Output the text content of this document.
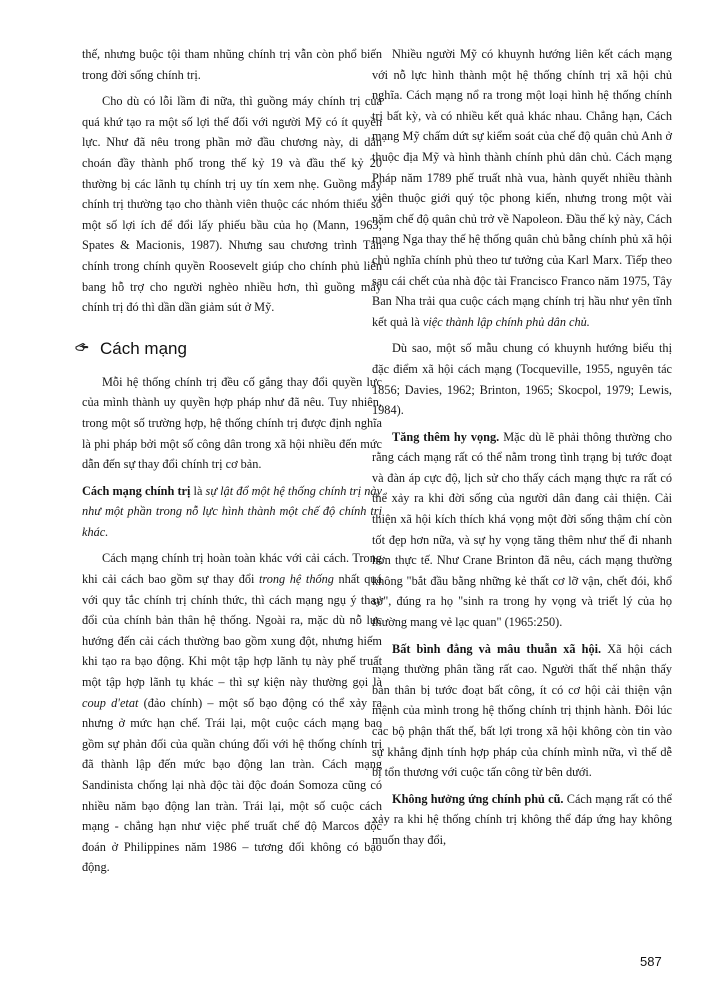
thế, nhưng buộc tội tham nhũng chính trị vẫn còn phổ biến trong đời sống chính trị.

Cho dù có lỗi lầm đi nữa, thì guồng máy chính trị của quá khứ tạo ra một số lợi thế đối với người Mỹ có ít quyền lực. Như đã nêu trong phần mở đầu chương này, di dân choán đầy thành phố trong thế kỷ 19 và đầu thế kỷ 20 thường bị các lãnh tụ chính trị uy tín xem nhẹ. Guồng máy chính trị thường tạo cho thành viên thuộc các nhóm thiểu số một số lợi ích để đổi lấy phiếu bầu của họ (Mann, 1963; Spates & Macionis, 1987). Nhưng sau chương trình Tân chính trong chính quyền Roosevelt giúp cho chính phủ liên bang hỗ trợ cho người nghèo nhiều hơn, thì guồng máy chính trị đó thì dần dần giảm sút ở Mỹ.

Cách mạng

Mỗi hệ thống chính trị đều cố gắng thay đổi quyền lực của mình thành uy quyền hợp pháp như đã nêu. Tuy nhiên, trong một số trường hợp, hệ thống chính trị được định nghĩa là phi pháp bởi một số công dân trong xã hội nhiều đến mức dẫn đến sự thay đổi chính trị cơ bản.

Cách mạng chính trị là sự lật đổ một hệ thống chính trị này như một phần trong nỗ lực hình thành một chế độ chính trị khác.

Cách mạng chính trị hoàn toàn khác với cải cách. Trong khi cải cách bao gồm sự thay đổi trong hệ thống nhất quá với quy tắc chính trị chính thức, thì cách mạng ngụ ý thay đổi của chính bản thân hệ thống. Ngoài ra, mặc dù nỗ lực hướng đến cải cách thường bao gồm xung đột, nhưng hiếm khi tạo ra bạo động. Khi một tập hợp lãnh tụ này phế truất một tập hợp lãnh tụ khác – thì sự kiện này thường gọi là coup d'etat (đảo chính) – một số bạo động có thể xảy ra nhưng ở mức hạn chế. Trái lại, một cuộc cách mạng bao gồm sự phản đối của quần chúng đối với hệ thống chính trị đã thành lập đến mức bạo động lan tràn. Cách mạng Sandinista chống lại nhà độc tài độc đoán Somoza cũng có nhiều năm bạo động lan tràn. Trái lại, một số cuộc cách mạng - chẳng hạn như việc phế truất chế độ Marcos độc đoán ở Philippines năm 1986 – tương đối không có bạo động.

Nhiều người Mỹ có khuynh hướng liên kết cách mạng với nỗ lực hình thành một hệ thống chính trị xã hội chủ nghĩa. Cách mạng nổ ra trong một loại hình hệ thống chính trị bất kỳ, và có nhiều kết quả khác nhau. Chẳng hạn, Cách mạng Mỹ chấm dứt sự kiểm soát của chế độ quân chủ Anh ở thuộc địa Mỹ và hình thành chính phủ dân chủ. Cách mạng Pháp năm 1789 phế truất nhà vua, hành quyết nhiều thành viên thuộc giới quý tộc phong kiến, nhưng trong một vài năm chế độ quân chủ trở về Napoleon. Đầu thế kỷ này, Cách mạng Nga thay thế hệ thống quân chủ bằng chính phủ xã hội chủ nghĩa chính phủ theo tư tưởng của Karl Marx. Tiếp theo sau cái chết của nhà độc tài Francisco Franco năm 1975, Tây Ban Nha trải qua cuộc cách mạng chính trị hầu như yên tĩnh kết quả là việc thành lập chính phủ dân chủ.

Dù sao, một số mẫu chung có khuynh hướng biểu thị đặc điểm xã hội cách mạng (Tocqueville, 1955, nguyên tác 1856; Davies, 1962; Brinton, 1965; Skocpol, 1979; Lewis, 1984).

Tăng thêm hy vọng. Mặc dù lẽ phải thông thường cho rằng cách mạng rất có thể nằm trong tình trạng bị tước đoạt và đàn áp cực độ, lịch sử cho thấy cách mạng thực ra rất có thể xảy ra khi đời sống của người dân đang cải thiện. Cải thiện xã hội kích thích khá vọng một đời sống thậm chí còn tốt đẹp hơn nữa, và sự hy vọng tăng thêm như thế đi nhanh hơn thực tế. Như Crane Brinton đã nêu, cách mạng thường không "bắt đầu bằng những kẻ thất cơ lỡ vận, chết đói, khổ sở", đúng ra họ "sinh ra trong hy vọng và triết lý của họ thường mang vẻ lạc quan" (1965:250).

Bất bình đẳng và mâu thuẫn xã hội. Xã hội cách mạng thường phân tầng rất cao. Người thất thế nhận thấy bản thân bị tước đoạt bất công, ít có cơ hội cải thiện vận mệnh của mình trong hệ thống chính trị thịnh hành. Đôi lúc các bộ phận thất thế, bất lợi trong xã hội không còn tin vào sự khẳng định tính hợp pháp của chính mình nữa, vì thế dễ bị tổn thương với cuộc tấn công từ bên dưới.

Không hưởng ứng chính phủ cũ. Cách mạng rất có thể xảy ra khi hệ thống chính trị không thể đáp ứng hay không muốn thay đổi,

587
